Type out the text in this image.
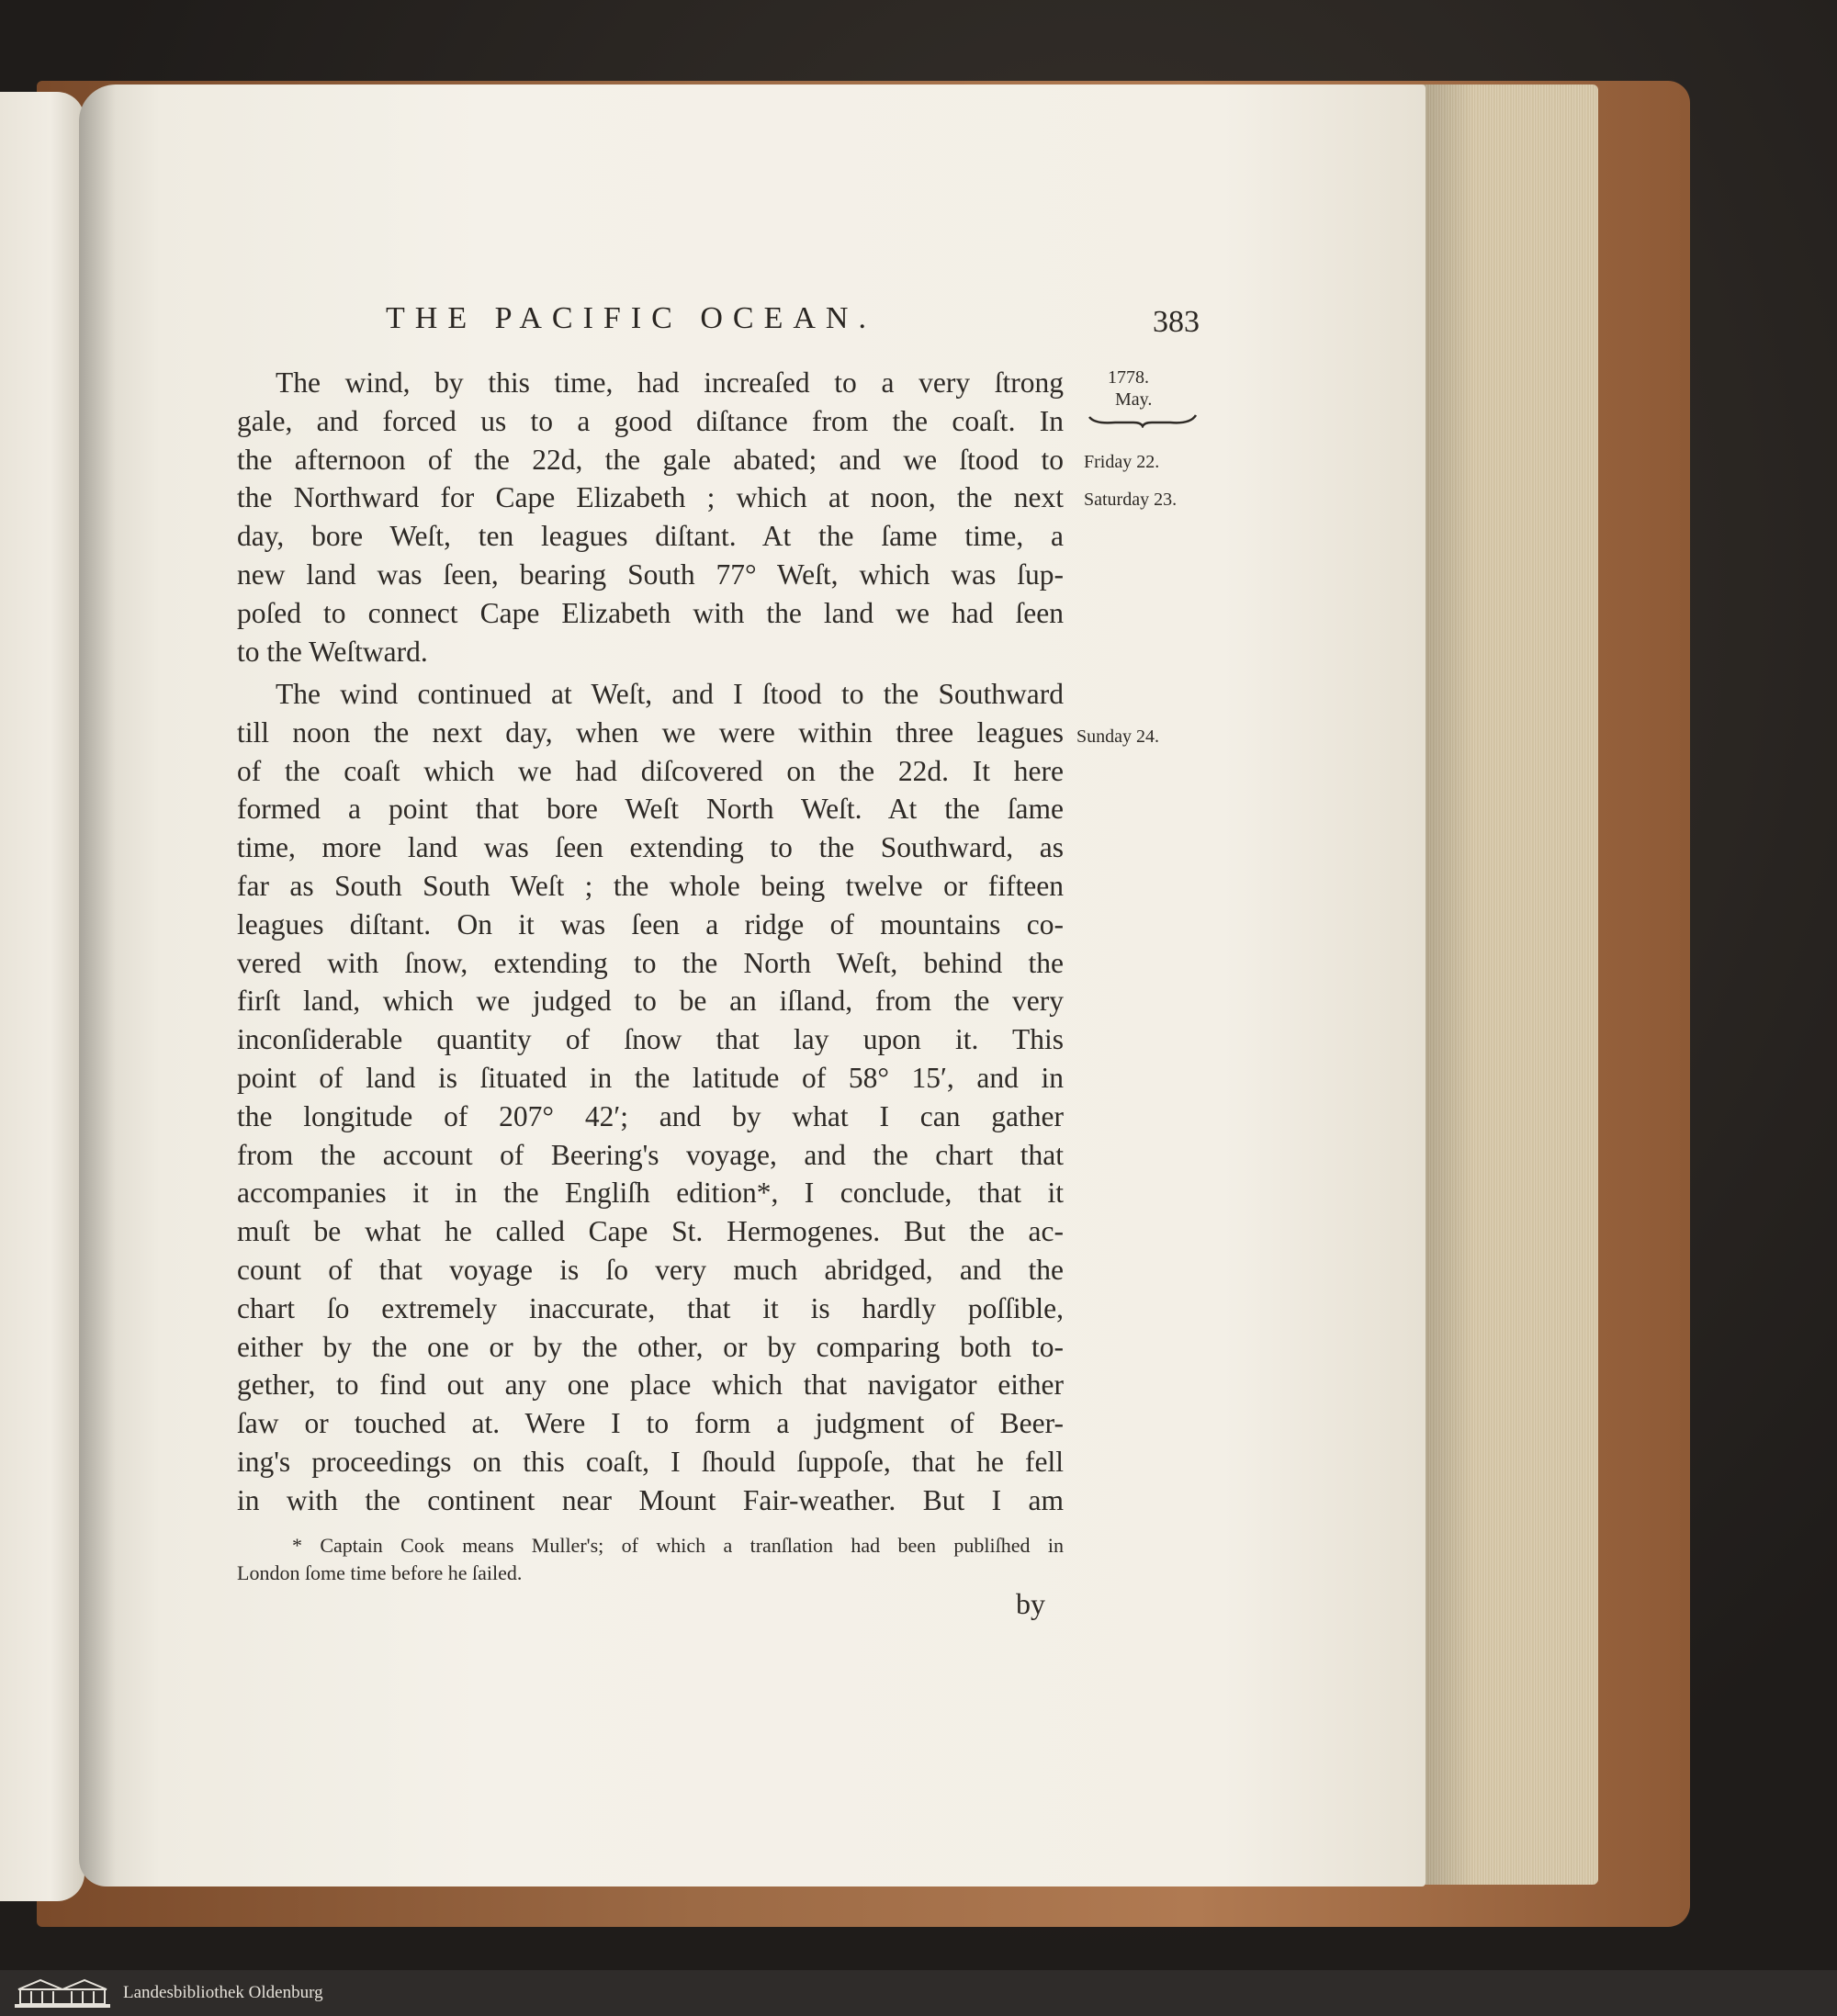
THE PACIFIC OCEAN.	383
1778.
May.
Friday 22.
Saturday 23.
Sunday 24.
The wind, by this time, had increaſed to a very ſtrong
gale, and forced us to a good diſtance from the coaſt. In
the afternoon of the 22d, the gale abated; and we ſtood to
the Northward for Cape Elizabeth ; which at noon, the next
day, bore Weſt, ten leagues diſtant. At the ſame time, a
new land was ſeen, bearing South 77° Weſt, which was ſup-
poſed to connect Cape Elizabeth with the land we had ſeen
to the Weſtward.
The wind continued at Weſt, and I ſtood to the Southward
till noon the next day, when we were within three leagues
of the coaſt which we had diſcovered on the 22d. It here
formed a point that bore Weſt North Weſt. At the ſame
time, more land was ſeen extending to the Southward, as
far as South South Weſt ; the whole being twelve or fifteen
leagues diſtant. On it was ſeen a ridge of mountains co-
vered with ſnow, extending to the North Weſt, behind the
firſt land, which we judged to be an iſland, from the very
inconſiderable quantity of ſnow that lay upon it. This
point of land is ſituated in the latitude of 58° 15′, and in
the longitude of 207° 42′; and by what I can gather
from the account of Beering's voyage, and the chart that
accompanies it in the Engliſh edition*, I conclude, that it
muſt be what he called Cape St. Hermogenes. But the ac-
count of that voyage is ſo very much abridged, and the
chart ſo extremely inaccurate, that it is hardly poſſible,
either by the one or by the other, or by comparing both to-
gether, to find out any one place which that navigator either
ſaw or touched at. Were I to form a judgment of Beer-
ing's proceedings on this coaſt, I ſhould ſuppoſe, that he fell
in with the continent near Mount Fair-weather. But I am
* Captain Cook means Muller's; of which a tranſlation had been publiſhed in
London ſome time before he ſailed.
by
Landesbibliothek Oldenburg
